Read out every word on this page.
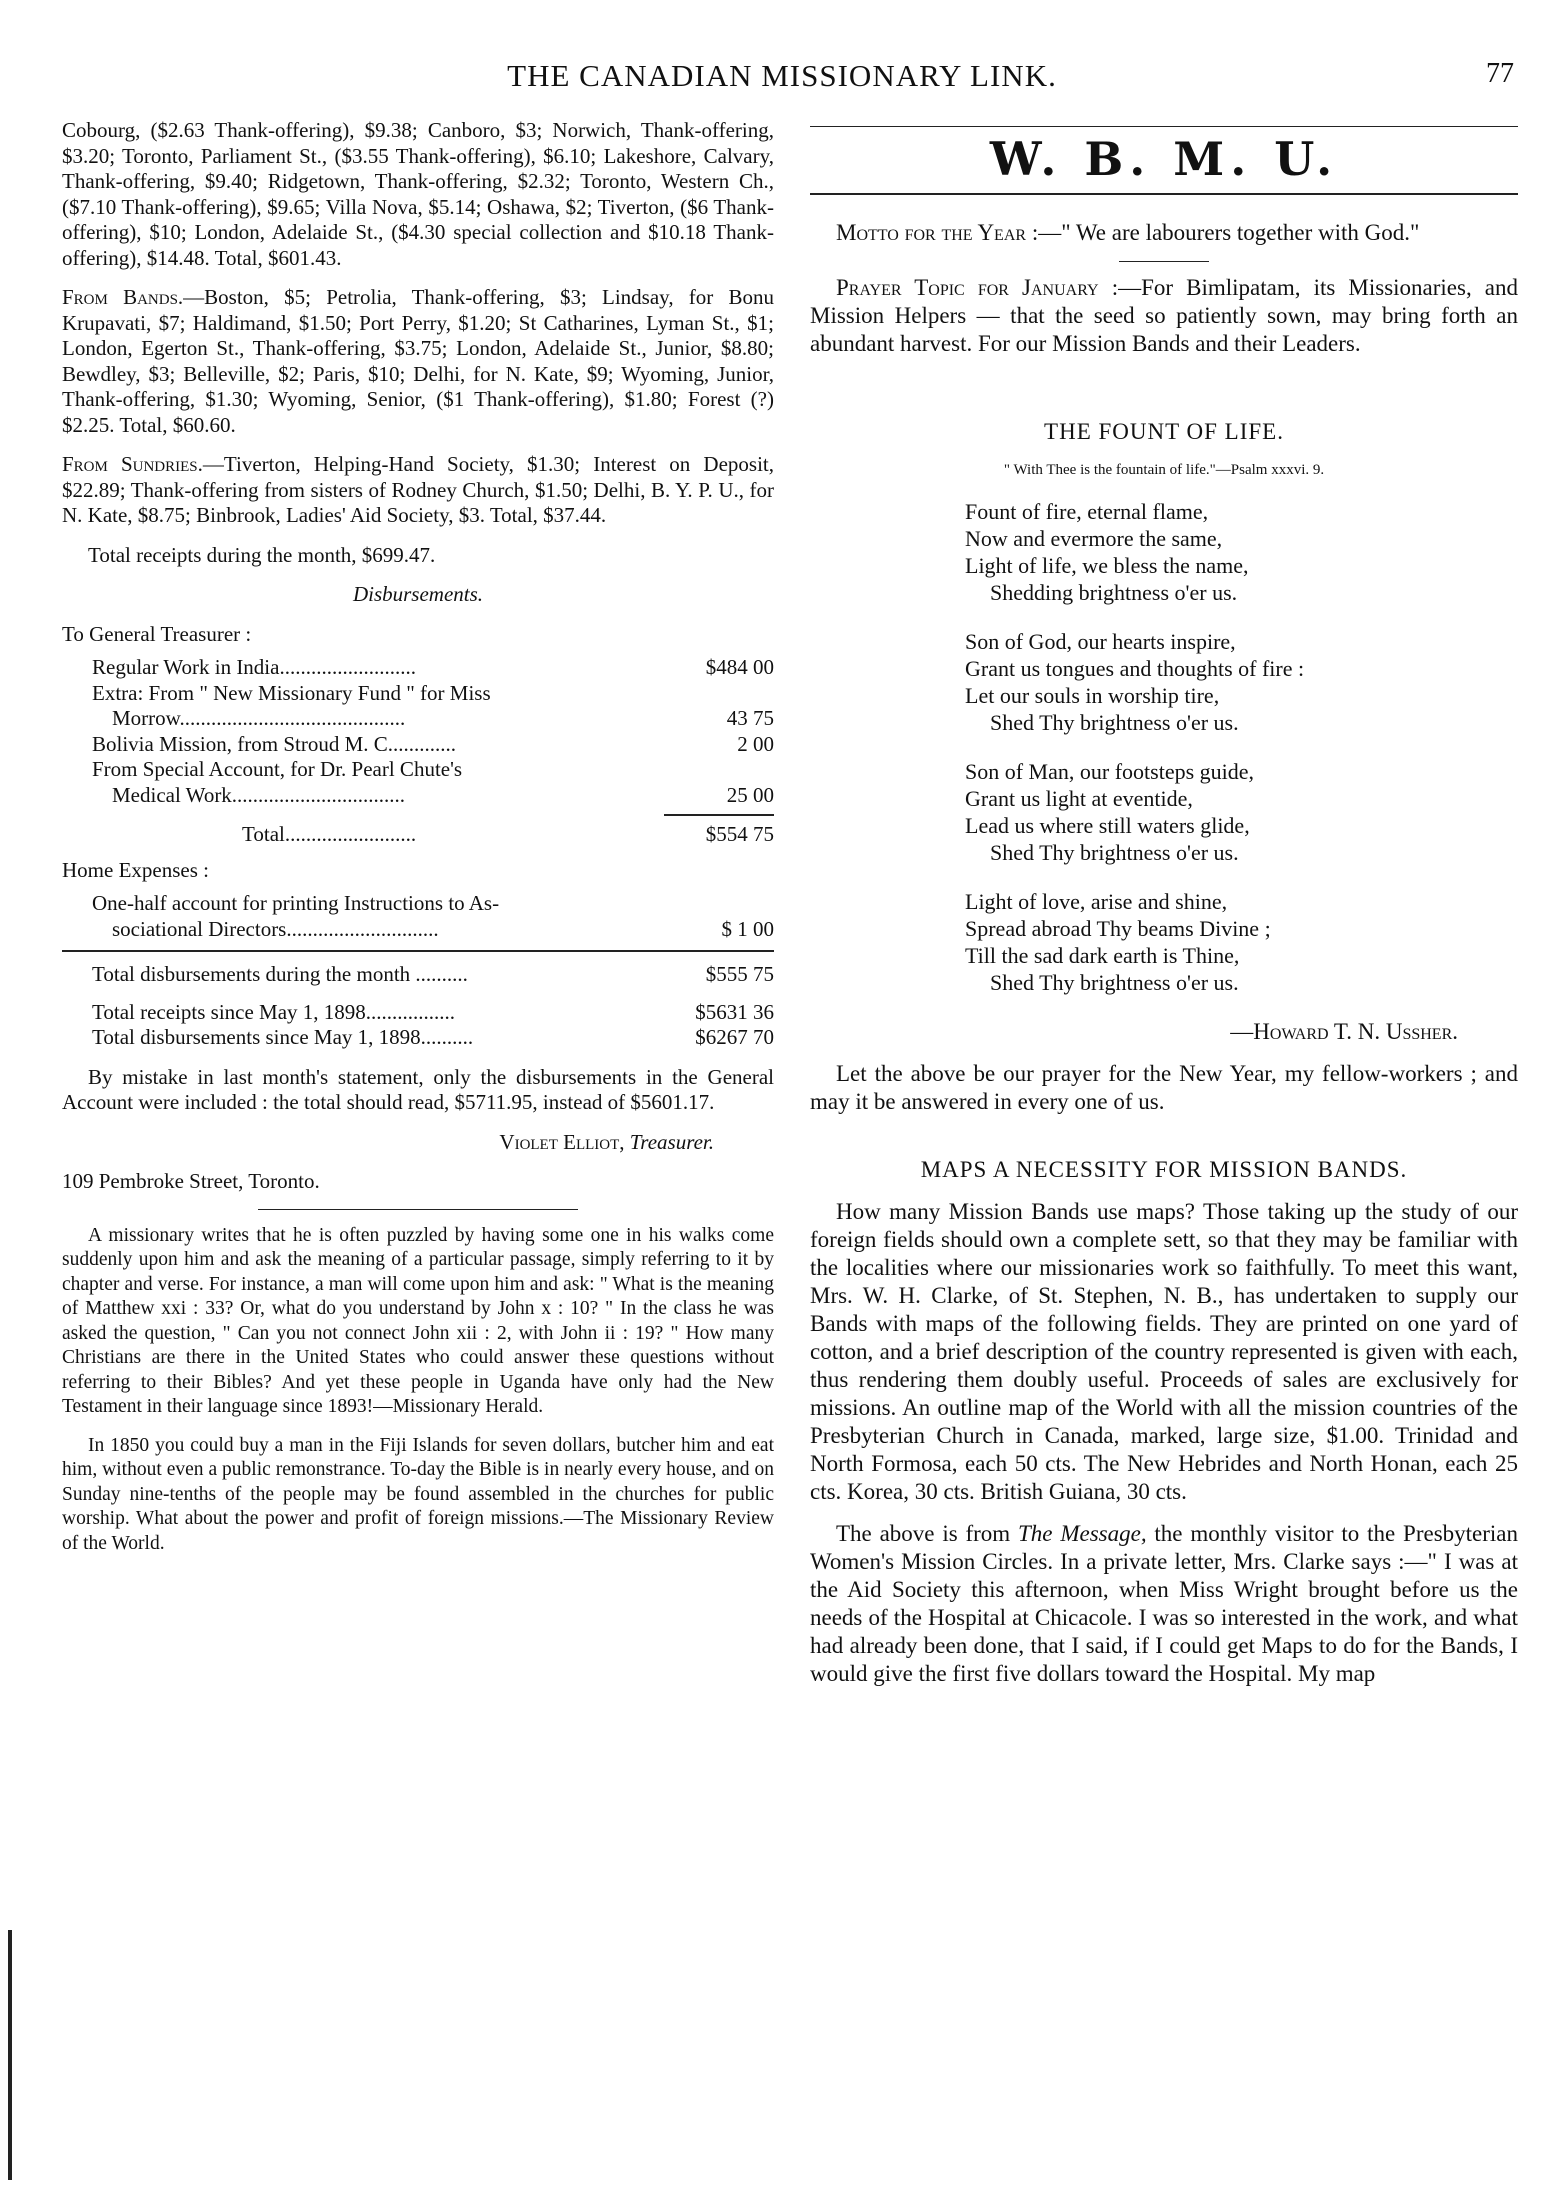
THE CANADIAN MISSIONARY LINK.	77

Cobourg, ($2.63 Thank-offering), $9.38; Canboro, $3; Norwich, Thank-offering, $3.20; Toronto, Parliament St., ($3.55 Thank-offering), $6.10; Lakeshore, Calvary, Thank-offering, $9.40; Ridgetown, Thank-offering, $2.32; Toronto, Western Ch., ($7.10 Thank-offering), $9.65; Villa Nova, $5.14; Oshawa, $2; Tiverton, ($6 Thank-offering), $10; London, Adelaide St., ($4.30 special collection and $10.18 Thank-offering), $14.48. Total, $601.43.

From Bands.—Boston, $5; Petrolia, Thank-offering, $3; Lindsay, for Bonu Krupavati, $7; Haldimand, $1.50; Port Perry, $1.20; St Catharines, Lyman St., $1; London, Egerton St., Thank-offering, $3.75; London, Adelaide St., Junior, $8.80; Bewdley, $3; Belleville, $2; Paris, $10; Delhi, for N. Kate, $9; Wyoming, Junior, Thank-offering, $1.30; Wyoming, Senior, ($1 Thank-offering), $1.80; Forest (?) $2.25. Total, $60.60.

From Sundries.—Tiverton, Helping-Hand Society, $1.30; Interest on Deposit, $22.89; Thank-offering from sisters of Rodney Church, $1.50; Delhi, B. Y. P. U., for N. Kate, $8.75; Binbrook, Ladies' Aid Society, $3. Total, $37.44.

Total receipts during the month, $699.47.

Disbursements.

To General Treasurer :

Regular Work in India..........................	$484 00
Extra: From " New Missionary Fund " for Miss	
Morrow...........................................	43 75
Bolivia Mission, from Stroud M. C.............	2 00
From Special Account, for Dr. Pearl Chute's	
Medical Work.................................	25 00

Total.........................	$554 75

Home Expenses :

One-half account for printing Instructions to As-	
sociational Directors.............................	$ 1 00
Total disbursements during the month ..........	$555 75
Total receipts since May 1, 1898.................	$5631 36
Total disbursements since May 1, 1898..........	$6267 70

By mistake in last month's statement, only the disbursements in the General Account were included : the total should read, $5711.95, instead of $5601.17.

Violet Elliot, Treasurer.

109 Pembroke Street, Toronto.

A missionary writes that he is often puzzled by having some one in his walks come suddenly upon him and ask the meaning of a particular passage, simply referring to it by chapter and verse. For instance, a man will come upon him and ask: " What is the meaning of Matthew xxi : 33? Or, what do you understand by John x : 10? " In the class he was asked the question, " Can you not connect John xii : 2, with John ii : 19? " How many Christians are there in the United States who could answer these questions without referring to their Bibles? And yet these people in Uganda have only had the New Testament in their language since 1893!—Missionary Herald.

In 1850 you could buy a man in the Fiji Islands for seven dollars, butcher him and eat him, without even a public remonstrance. To-day the Bible is in nearly every house, and on Sunday nine-tenths of the people may be found assembled in the churches for public worship. What about the power and profit of foreign missions.—The Missionary Review of the World.

W. B. M. U.

Motto for the Year :—" We are labourers together with God."

Prayer Topic for January :—For Bimlipatam, its Missionaries, and Mission Helpers — that the seed so patiently sown, may bring forth an abundant harvest. For our Mission Bands and their Leaders.

THE FOUNT OF LIFE.
" With Thee is the fountain of life."—Psalm xxxvi. 9.

Fount of fire, eternal flame,

Now and evermore the same,

Light of life, we bless the name,

Shedding brightness o'er us.

Son of God, our hearts inspire,

Grant us tongues and thoughts of fire :

Let our souls in worship tire,

Shed Thy brightness o'er us.

Son of Man, our footsteps guide,

Grant us light at eventide,

Lead us where still waters glide,

Shed Thy brightness o'er us.

Light of love, arise and shine,

Spread abroad Thy beams Divine ;

Till the sad dark earth is Thine,

Shed Thy brightness o'er us.

—Howard T. N. Ussher.

Let the above be our prayer for the New Year, my fellow-workers ; and may it be answered in every one of us.

MAPS A NECESSITY FOR MISSION BANDS.

How many Mission Bands use maps? Those taking up the study of our foreign fields should own a complete sett, so that they may be familiar with the localities where our missionaries work so faithfully. To meet this want, Mrs. W. H. Clarke, of St. Stephen, N. B., has undertaken to supply our Bands with maps of the following fields. They are printed on one yard of cotton, and a brief description of the country represented is given with each, thus rendering them doubly useful. Proceeds of sales are exclusively for missions. An outline map of the World with all the mission countries of the Presbyterian Church in Canada, marked, large size, $1.00. Trinidad and North Formosa, each 50 cts. The New Hebrides and North Honan, each 25 cts. Korea, 30 cts. British Guiana, 30 cts.

The above is from The Message, the monthly visitor to the Presbyterian Women's Mission Circles. In a private letter, Mrs. Clarke says :—" I was at the Aid Society this afternoon, when Miss Wright brought before us the needs of the Hospital at Chicacole. I was so interested in the work, and what had already been done, that I said, if I could get Maps to do for the Bands, I would give the first five dollars toward the Hospital. My map
